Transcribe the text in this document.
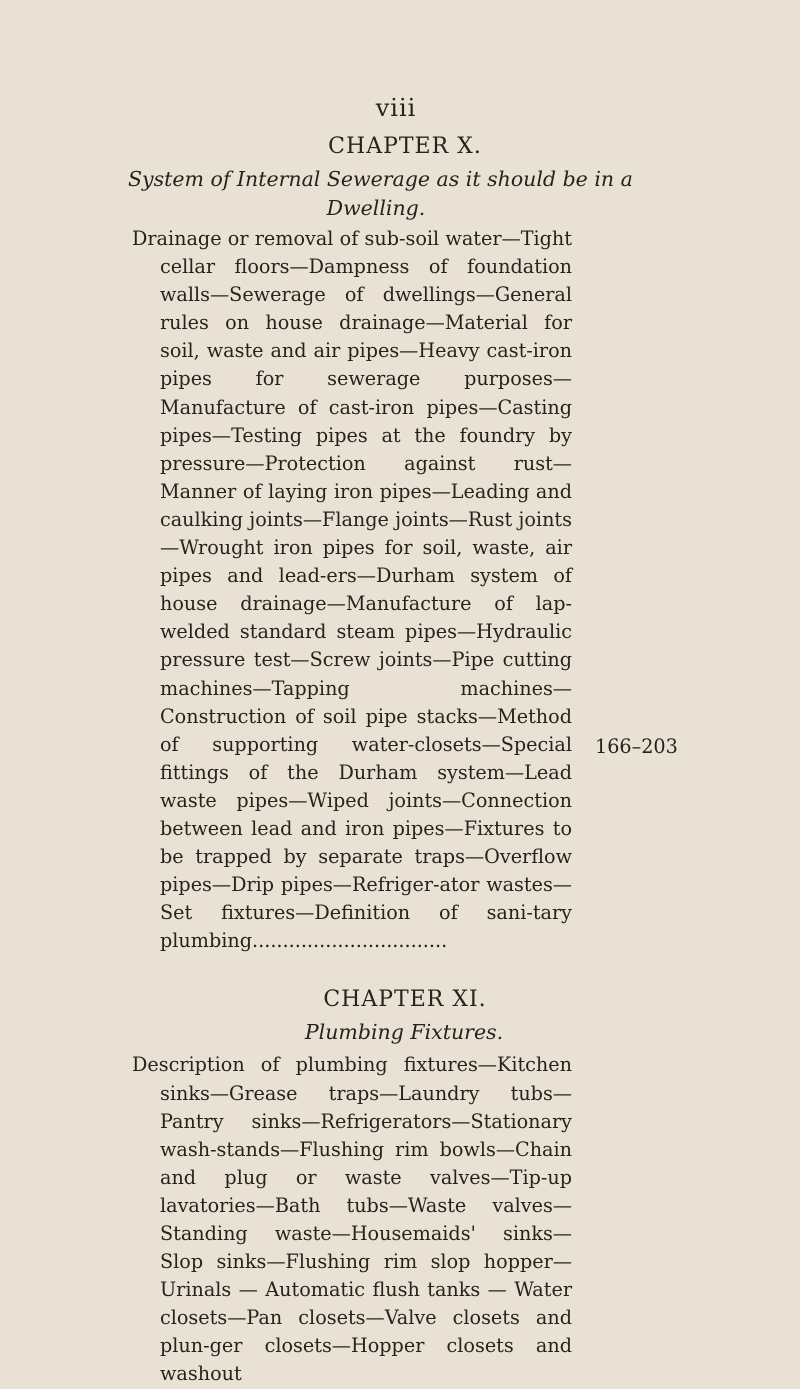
viii
CHAPTER X.
System of Internal Sewerage as it should be in a
Dwelling.

Drainage or removal of sub-soil water—Tight cellar floors—Dampness of foundation walls—Sewerage of dwellings—General rules on house drainage—Material for soil, waste and air pipes—Heavy cast-iron pipes for sewerage purposes—Manufacture of cast-iron pipes—Casting pipes—Testing pipes at the foundry by pressure—Protection against rust—Manner of laying iron pipes—Leading and caulking joints—Flange joints—Rust joints—Wrought iron pipes for soil, waste, air pipes and lead-ers—Durham system of house drainage—Manufacture of lap-welded standard steam pipes—Hydraulic pressure test—Screw joints—Pipe cutting machines—Tapping machines—Construction of soil pipe stacks—Method of supporting water-closets—Special fittings of the Durham system—Lead waste pipes—Wiped joints—Connection between lead and iron pipes—Fixtures to be trapped by separate traps—Overflow pipes—Drip pipes—Refriger-ator wastes—Set fixtures—Definition of sani-tary plumbing................................

166–203
CHAPTER XI.
Plumbing Fixtures.

Description of plumbing fixtures—Kitchen sinks—Grease traps—Laundry tubs—Pantry sinks—Refrigerators—Stationary wash-stands—Flushing rim bowls—Chain and plug or waste valves—Tip-up lavatories—Bath tubs—Waste valves—Standing waste—Housemaids' sinks—Slop sinks—Flushing rim slop hopper—Urinals — Automatic flush tanks — Water closets—Pan closets—Valve closets and plun-ger closets—Hopper closets and washout
